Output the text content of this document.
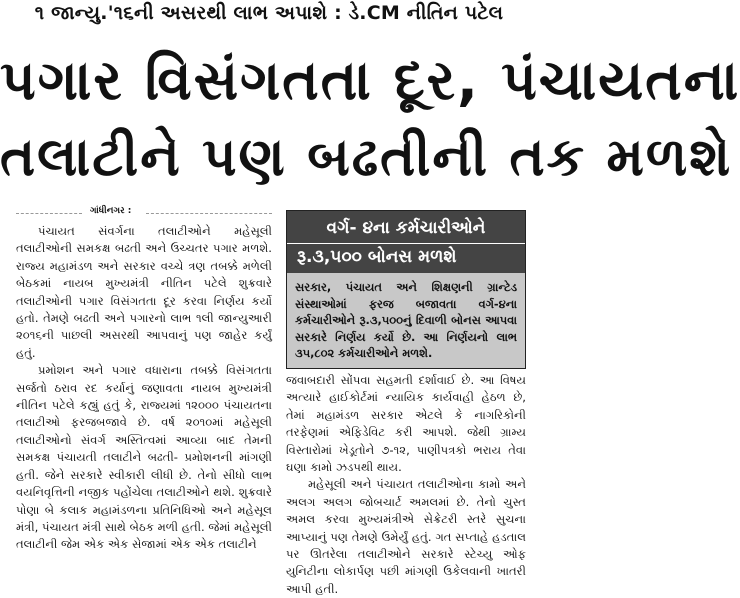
૧ જાન્યુ.'૧૬ની અસરથી લાભ અપાશે : ડે.CM નીતિન પટેલ
પગાર વિસંગતતા દૂર, પંચાયતના
તલાટીને પણ બઢતીની તક મળશે
ગાંધીનગર :

પંચાયત સંવર્ગના તલાટીઓને મહેસૂલી તલાટીઓની સમકક્ષ બઢતી અને ઉચ્ચતર પગાર મળશે. રાજ્ય મહામંડળ અને સરકાર વચ્ચે ત્રણ તબક્કે મળેલી બેઠકમાં નાયબ મુખ્યમંત્રી નીતિન પટેલે શુક્રવારે તલાટીઓની પગાર વિસંગતતા દૂર કરવા નિર્ણય કર્યો હતો. તેમણે બઢતી અને પગારનો લાભ ૧લી જાન્યુઆરી ૨૦૧૬ની પાછલી અસરથી આપવાનું પણ જાહેર કર્યું હતું.

પ્રમોશન અને પગાર વધારાના તબક્કે વિસંગતતા સર્જતો ઠરાવ રદ કર્યાનું જણાવતા નાયબ મુખ્યમંત્રી નીતિન પટેલે કહ્યું હતું કે, રાજ્યમાં ૧૨૦૦૦ પંચાયતના તલાટીઓ ફરજબજાવે છે. વર્ષ ૨૦૧૦માં મહેસૂલી તલાટીઓનો સંવર્ગ અસ્તિત્વમાં આવ્યા બાદ તેમની સમકક્ષ પંચાયતી તલાટીને બઢતી- પ્રમોશનની માંગણી હતી. જેને સરકારે સ્વીકારી લીધી છે. તેનો સીધો લાભ વયનિવૃત્તિની નજીક પહોંચેલા તલાટીઓને થશે. શુક્રવારે પોણા બે કલાક મહામંડળના પ્રતિનિધિઓ અને મહેસૂલ મંત્રી, પંચાયત મંત્રી સાથે બેઠક મળી હતી. જેમાં મહેસૂલી તલાટીની જેમ એક એક સેજામાં એક એક તલાટીને

વર્ગ- ૪ના કર્મચારીઓને
રૂ.૩,૫૦૦ બોનસ મળશે
સરકાર, પંચાયત અને શિક્ષણની ગ્રાન્ટેડ સંસ્થાઓમાં ફરજ બજાવતા વર્ગ-૪ના કર્મચારીઓને રૂ.૩,૫૦૦નું દિવાળી બોનસ આપવા સરકારે નિર્ણય કર્યો છે. આ નિર્ણયનો લાભ ૩૫,૮૦૨ કર્મચારીઓને મળશે.

જવાબદારી સોંપવા સહમતી દર્શાવાઈ છે. આ વિષય અત્યારે હાઈકોર્ટમાં ન્યાયિક કાર્યવાહી હેઠળ છે, તેમાં મહામંડળ સરકાર એટલે કે નાગરિકોની તરફેણમાં એફિડેવિટ કરી આપશે. જેથી ગ્રામ્ય વિસ્તારોમાં ખેડૂતોને ૭-૧૨, પાણીપત્રકો ભરાય તેવા ઘણા કામો ઝડપથી થાય.

મહેસૂલી અને પંચાયત તલાટીઓના કામો અને અલગ અલગ જોબચાર્ટ અમલમાં છે. તેનો ચુસ્ત અમલ કરવા મુખ્યમંત્રીએ સેક્રેટરી સ્તરે સુચના આપ્યાનું પણ તેમણે ઉમેર્યું હતું. ગત સપ્તાહે હડતાલ પર ઊતરેલા તલાટીઓને સરકારે સ્ટેચ્યુ ઓફ યુનિટીના લોકાર્પણ પછી માંગણી ઉકેલવાની ખાતરી આપી હતી.
